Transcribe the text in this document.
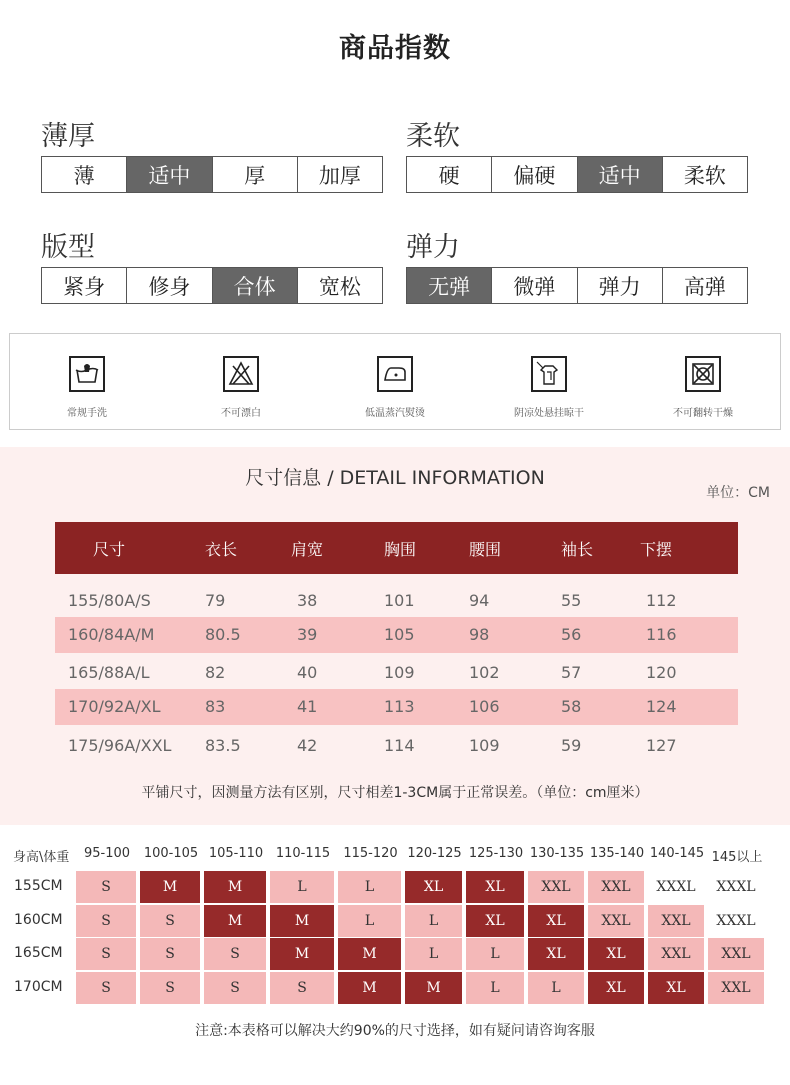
商品指数
薄厚
薄	适中	厚	加厚
柔软
硬	偏硬	适中	柔软
版型
紧身	修身	合体	宽松
弹力
无弹	微弹	弹力	高弹
常规手洗	不可漂白	低温蒸汽熨烫	阴凉处悬挂晾干	不可翻转干燥
尺寸信息 / DETAIL INFORMATION
单位：CM
尺寸	衣长	肩宽	胸围	腰围	袖长	下摆
155/80A/S	79	38	101	94	55	112
160/84A/M	80.5	39	105	98	56	116
165/88A/L	82	40	109	102	57	120
170/92A/XL	83	41	113	106	58	124
175/96A/XXL 83.5	42	114	109	59	127
平铺尺寸，因测量方法有区别，尺寸相差1-3CM属于正常误差。（单位：cm厘米）
注意:本表格可以解决大约90%的尺寸选择，如有疑问请咨询客服
身高\体重	95-100	100-105 105-110 110-115	115-120 120-125 125-130 130-135 135-140 140-145 145以上
155CM	S	M	M	L	L	XL	XL	XXL	XXL	XXXL	XXXL
160CM	S	S	M	M	L	L	XL	XL	XXL	XXL	XXXL
165CM	S	S	S	M	M	L	L	XL	XL	XXL	XXL
170CM	S	S	S	S	M	M	L	L	XL	XL	XXL
